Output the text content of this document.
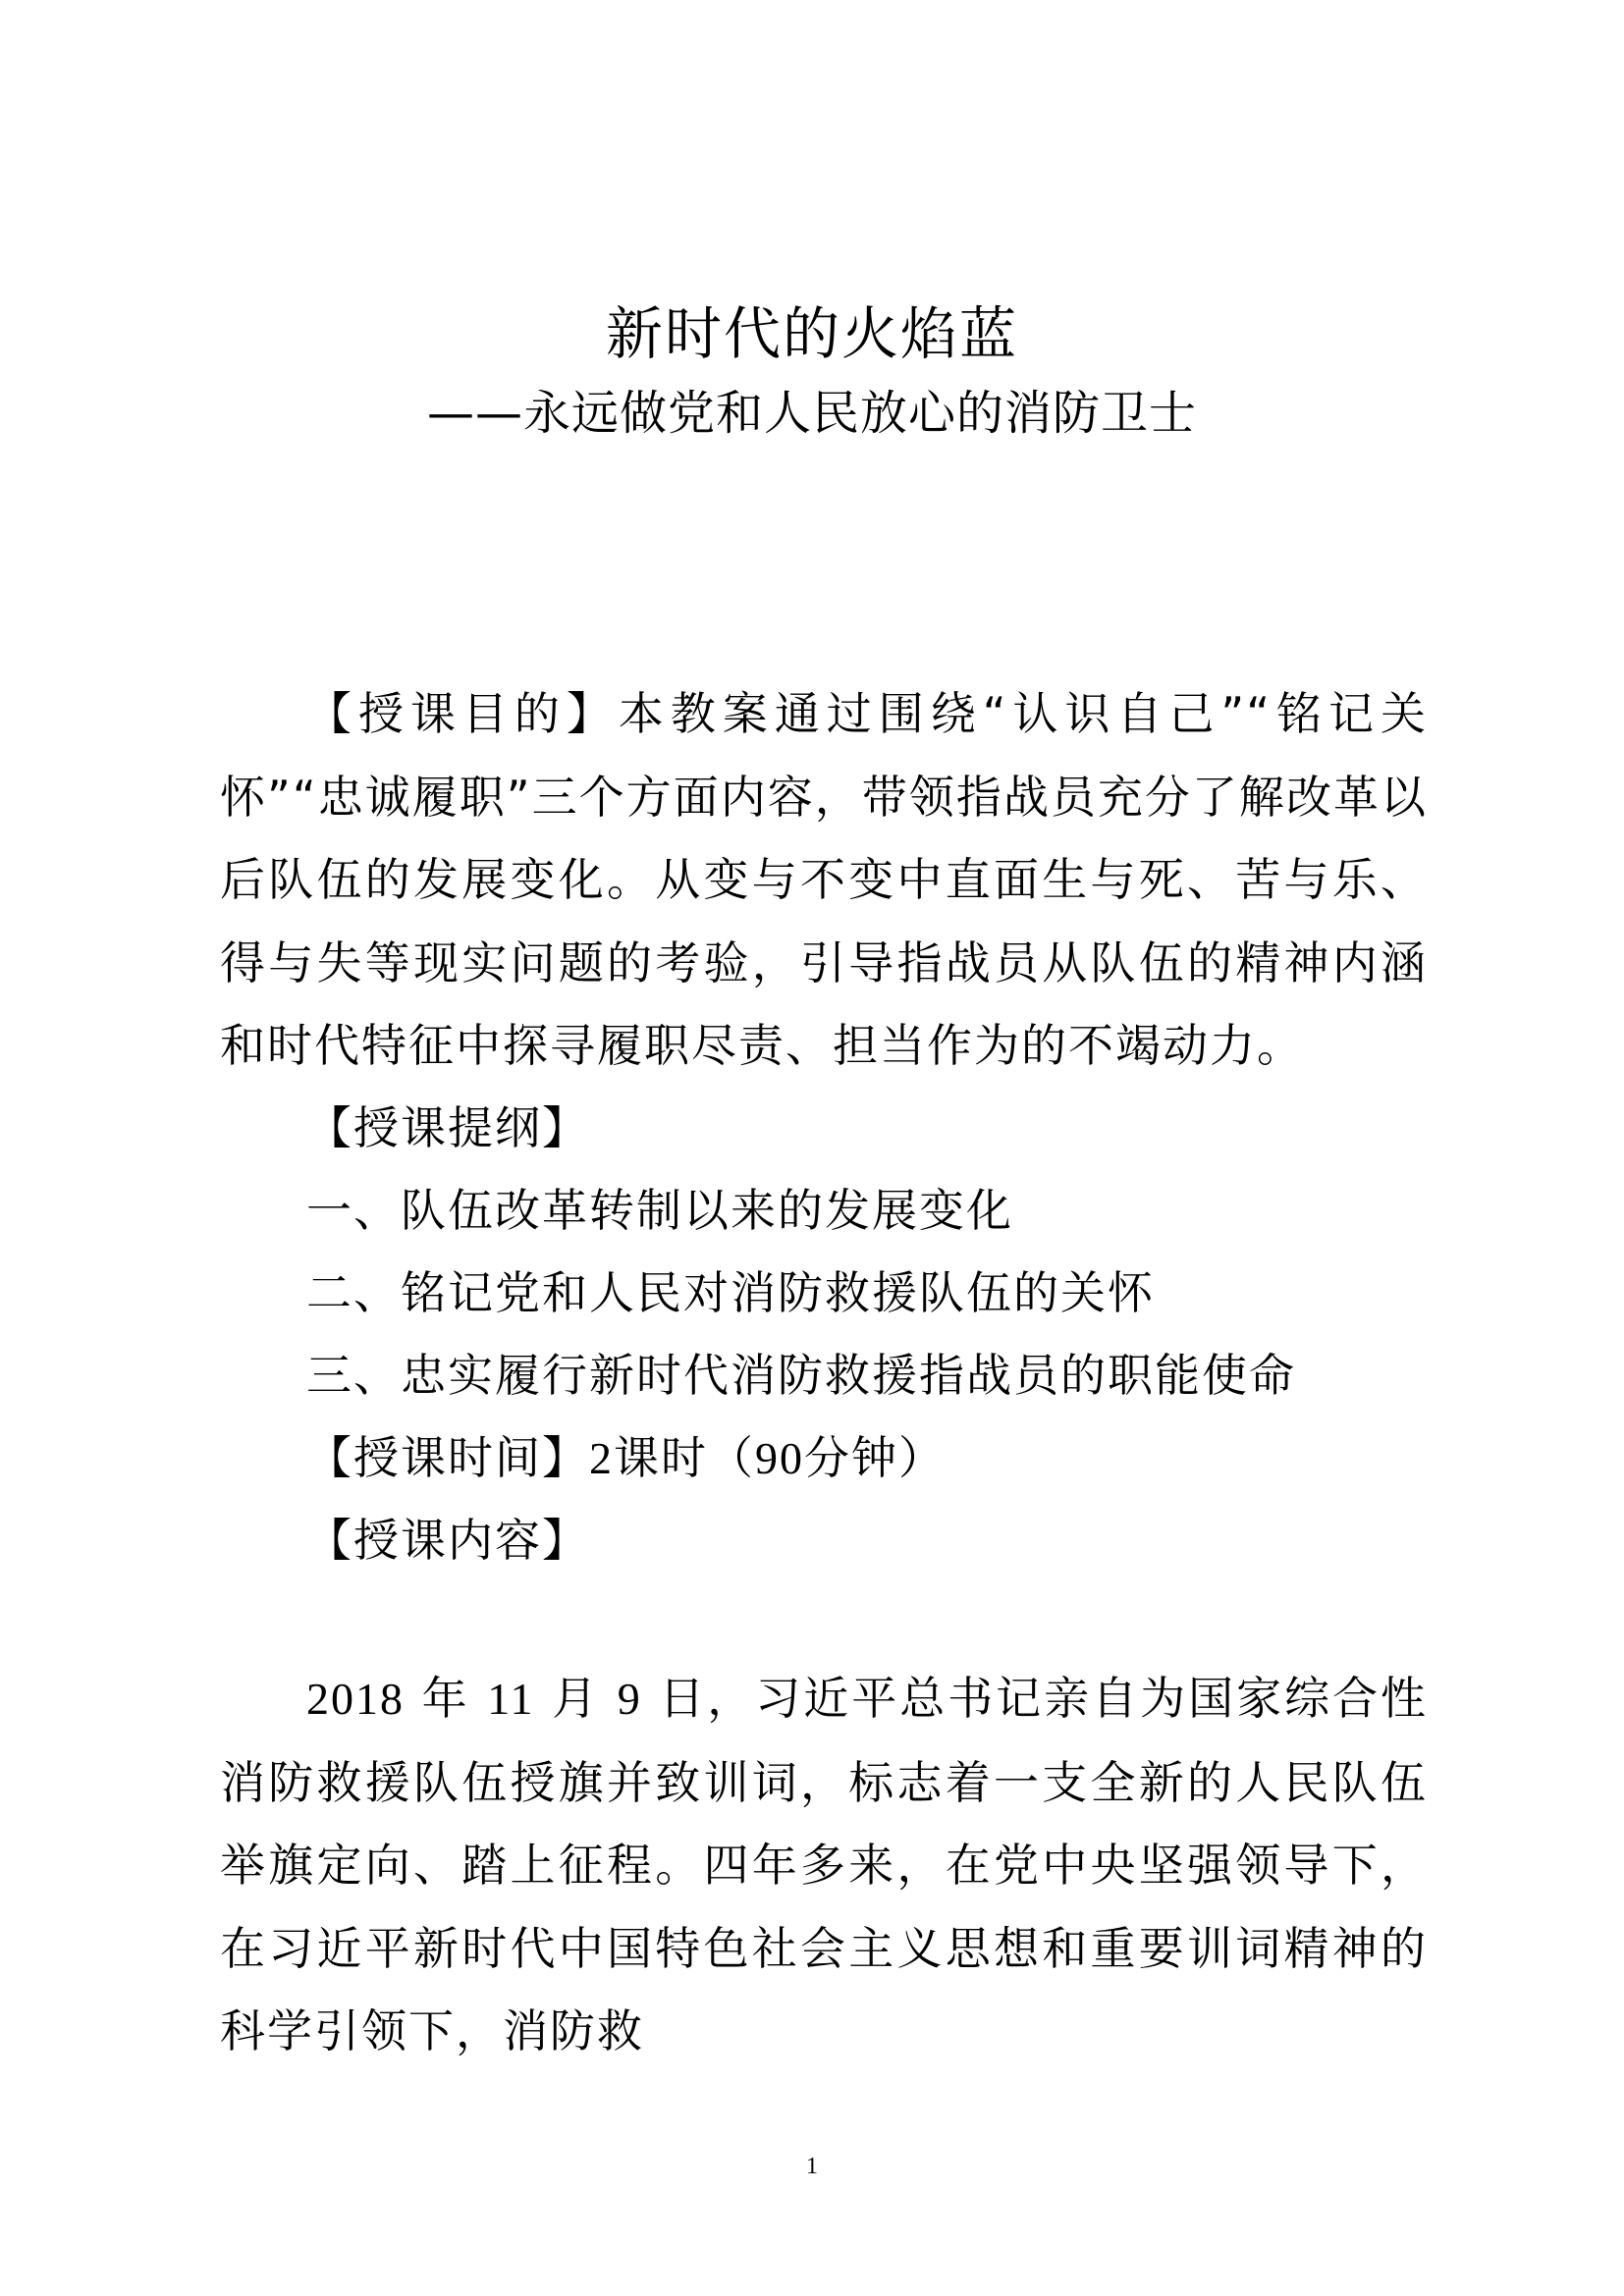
新时代的火焰蓝
——永远做党和人民放心的消防卫士
【授课目的】本教案通过围绕“认识自己”“铭记关怀”“忠诚履职”三个方面内容，带领指战员充分了解改革以后队伍的发展变化。从变与不变中直面生与死、苦与乐、得与失等现实问题的考验，引导指战员从队伍的精神内涵和时代特征中探寻履职尽责、担当作为的不竭动力。
【授课提纲】
一、队伍改革转制以来的发展变化
二、铭记党和人民对消防救援队伍的关怀
三、忠实履行新时代消防救援指战员的职能使命
【授课时间】2课时（90分钟）
【授课内容】
2018 年 11 月 9 日，习近平总书记亲自为国家综合性消防救援队伍授旗并致训词，标志着一支全新的人民队伍举旗定向、踏上征程。四年多来，在党中央坚强领导下，在习近平新时代中国特色社会主义思想和重要训词精神的科学引领下，消防救
1
